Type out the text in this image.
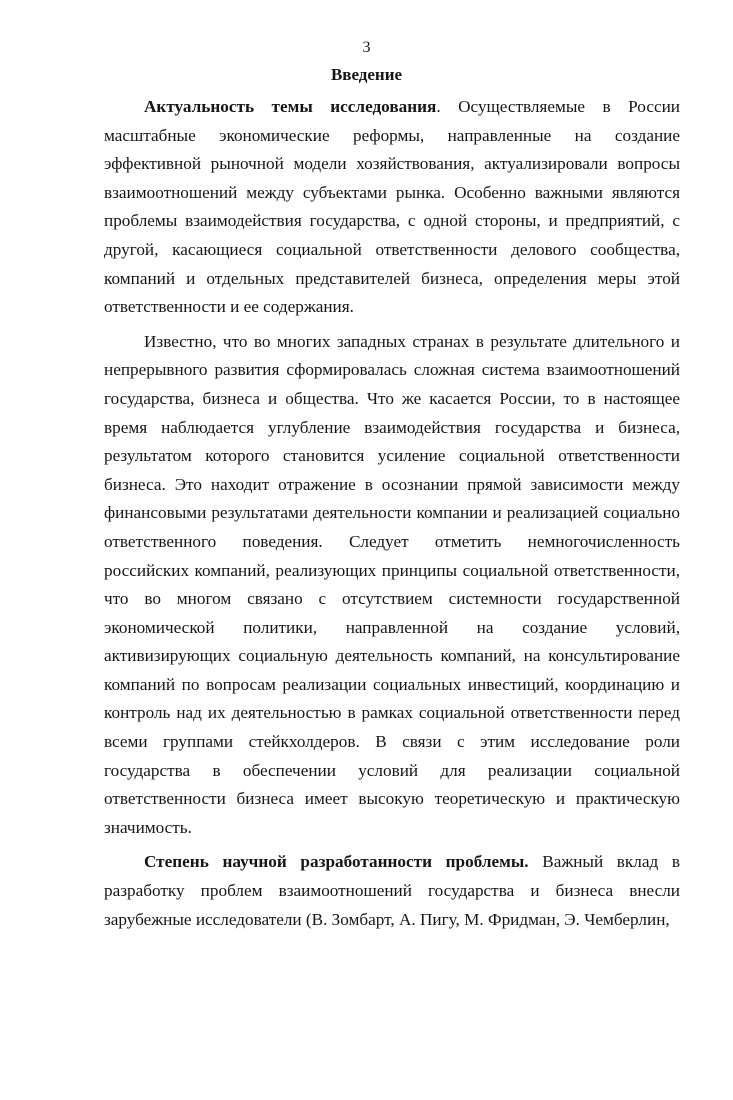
3
Введение

Актуальность темы исследования. Осуществляемые в России масштабные экономические реформы, направленные на создание эффективной рыночной модели хозяйствования, актуализировали вопросы взаимоотношений между субъектами рынка. Особенно важными являются проблемы взаимодействия государства, с одной стороны, и предприятий, с другой, касающиеся социальной ответственности делового сообщества, компаний и отдельных представителей бизнеса, определения меры этой ответственности и ее содержания.

Известно, что во многих западных странах в результате длительного и непрерывного развития сформировалась сложная система взаимоотношений государства, бизнеса и общества. Что же касается России, то в настоящее время наблюдается углубление взаимодействия государства и бизнеса, результатом которого становится усиление социальной ответственности бизнеса. Это находит отражение в осознании прямой зависимости между финансовыми результатами деятельности компании и реализацией социально ответственного поведения. Следует отметить немногочисленность российских компаний, реализующих принципы социальной ответственности, что во многом связано с отсутствием системности государственной экономической политики, направленной на создание условий, активизирующих социальную деятельность компаний, на консультирование компаний по вопросам реализации социальных инвестиций, координацию и контроль над их деятельностью в рамках социальной ответственности перед всеми группами стейкхолдеров. В связи с этим исследование роли государства в обеспечении условий для реализации социальной ответственности бизнеса имеет высокую теоретическую и практическую значимость.

Степень научной разработанности проблемы. Важный вклад в разработку проблем взаимоотношений государства и бизнеса внесли зарубежные исследователи (В. Зомбарт, А. Пигу, М. Фридман, Э. Чемберлин,
